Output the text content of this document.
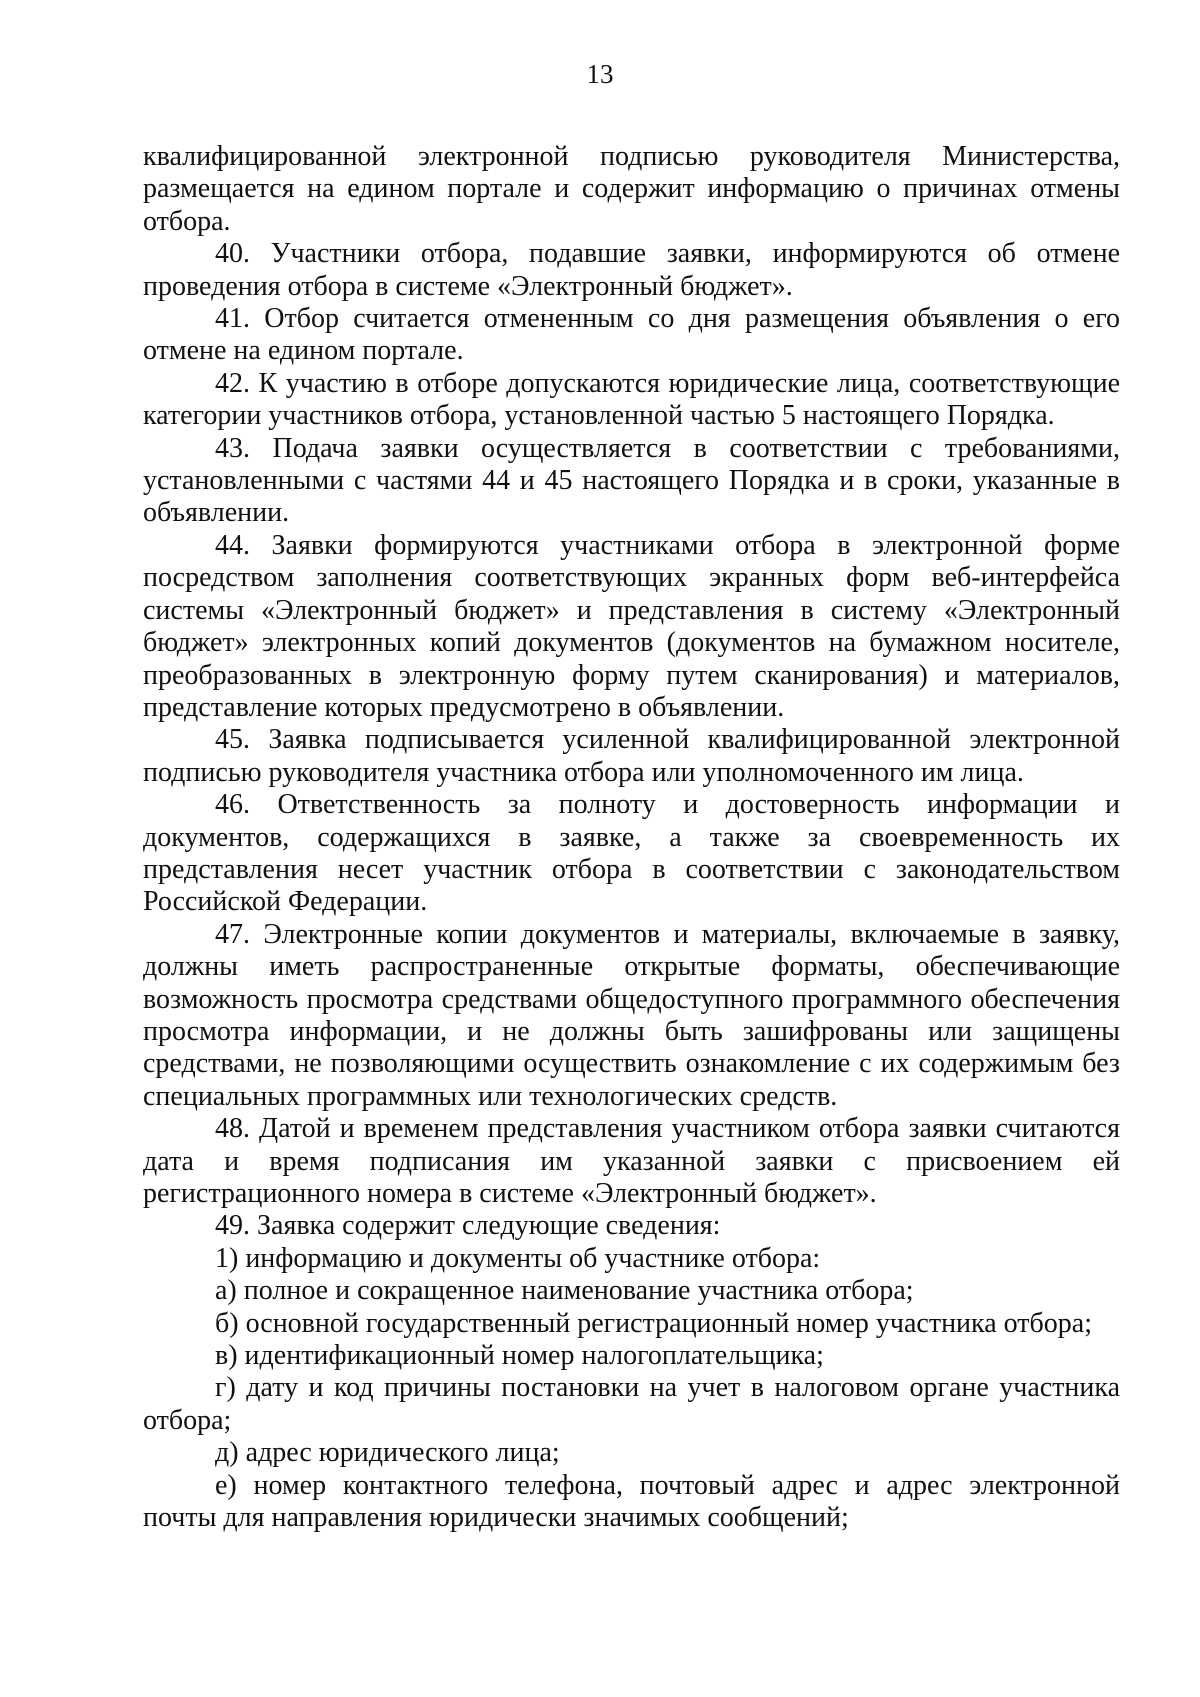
13

квалифицированной электронной подписью руководителя Министерства, размещается на едином портале и содержит информацию о причинах отмены отбора.

40. Участники отбора, подавшие заявки, информируются об отмене проведения отбора в системе «Электронный бюджет».

41. Отбор считается отмененным со дня размещения объявления о его отмене на едином портале.

42. К участию в отборе допускаются юридические лица, соответствующие категории участников отбора, установленной частью 5 настоящего Порядка.

43. Подача заявки осуществляется в соответствии с требованиями, установленными с частями 44 и 45 настоящего Порядка и в сроки, указанные в объявлении.

44. Заявки формируются участниками отбора в электронной форме посредством заполнения соответствующих экранных форм веб-интерфейса системы «Электронный бюджет» и представления в систему «Электронный бюджет» электронных копий документов (документов на бумажном носителе, преобразованных в электронную форму путем сканирования) и материалов, представление которых предусмотрено в объявлении.

45. Заявка подписывается усиленной квалифицированной электронной подписью руководителя участника отбора или уполномоченного им лица.

46. Ответственность за полноту и достоверность информации и документов, содержащихся в заявке, а также за своевременность их представления несет участник отбора в соответствии с законодательством Российской Федерации.

47. Электронные копии документов и материалы, включаемые в заявку, должны иметь распространенные открытые форматы, обеспечивающие возможность просмотра средствами общедоступного программного обеспечения просмотра информации, и не должны быть зашифрованы или защищены средствами, не позволяющими осуществить ознакомление с их содержимым без специальных программных или технологических средств.

48. Датой и временем представления участником отбора заявки считаются дата и время подписания им указанной заявки с присвоением ей регистрационного номера в системе «Электронный бюджет».

49. Заявка содержит следующие сведения:

1) информацию и документы об участнике отбора:

а) полное и сокращенное наименование участника отбора;

б) основной государственный регистрационный номер участника отбора;

в) идентификационный номер налогоплательщика;

г) дату и код причины постановки на учет в налоговом органе участника отбора;

д) адрес юридического лица;

е) номер контактного телефона, почтовый адрес и адрес электронной почты для направления юридически значимых сообщений;
